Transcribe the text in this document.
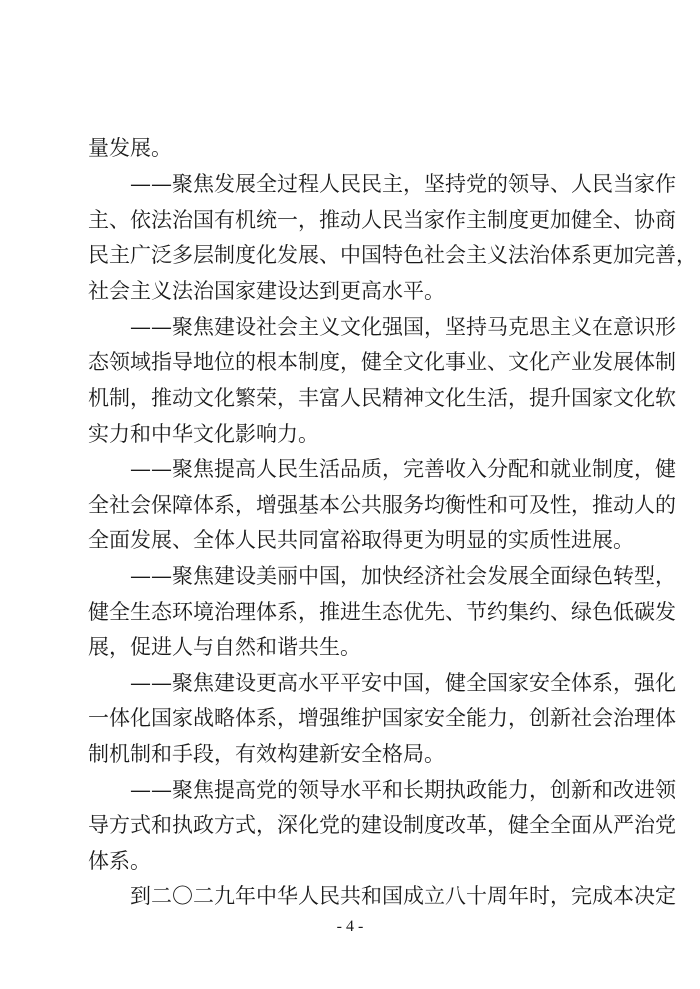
量发展。
——聚焦发展全过程人民民主，坚持党的领导、人民当家作
主、依法治国有机统一，推动人民当家作主制度更加健全、协商
民主广泛多层制度化发展、中国特色社会主义法治体系更加完善，
社会主义法治国家建设达到更高水平。
——聚焦建设社会主义文化强国，坚持马克思主义在意识形
态领域指导地位的根本制度，健全文化事业、文化产业发展体制
机制，推动文化繁荣，丰富人民精神文化生活，提升国家文化软
实力和中华文化影响力。
——聚焦提高人民生活品质，完善收入分配和就业制度，健
全社会保障体系，增强基本公共服务均衡性和可及性，推动人的
全面发展、全体人民共同富裕取得更为明显的实质性进展。
——聚焦建设美丽中国，加快经济社会发展全面绿色转型，
健全生态环境治理体系，推进生态优先、节约集约、绿色低碳发
展，促进人与自然和谐共生。
——聚焦建设更高水平平安中国，健全国家安全体系，强化
一体化国家战略体系，增强维护国家安全能力，创新社会治理体
制机制和手段，有效构建新安全格局。
——聚焦提高党的领导水平和长期执政能力，创新和改进领
导方式和执政方式，深化党的建设制度改革，健全全面从严治党
体系。
到二〇二九年中华人民共和国成立八十周年时，完成本决定
- 4 -
